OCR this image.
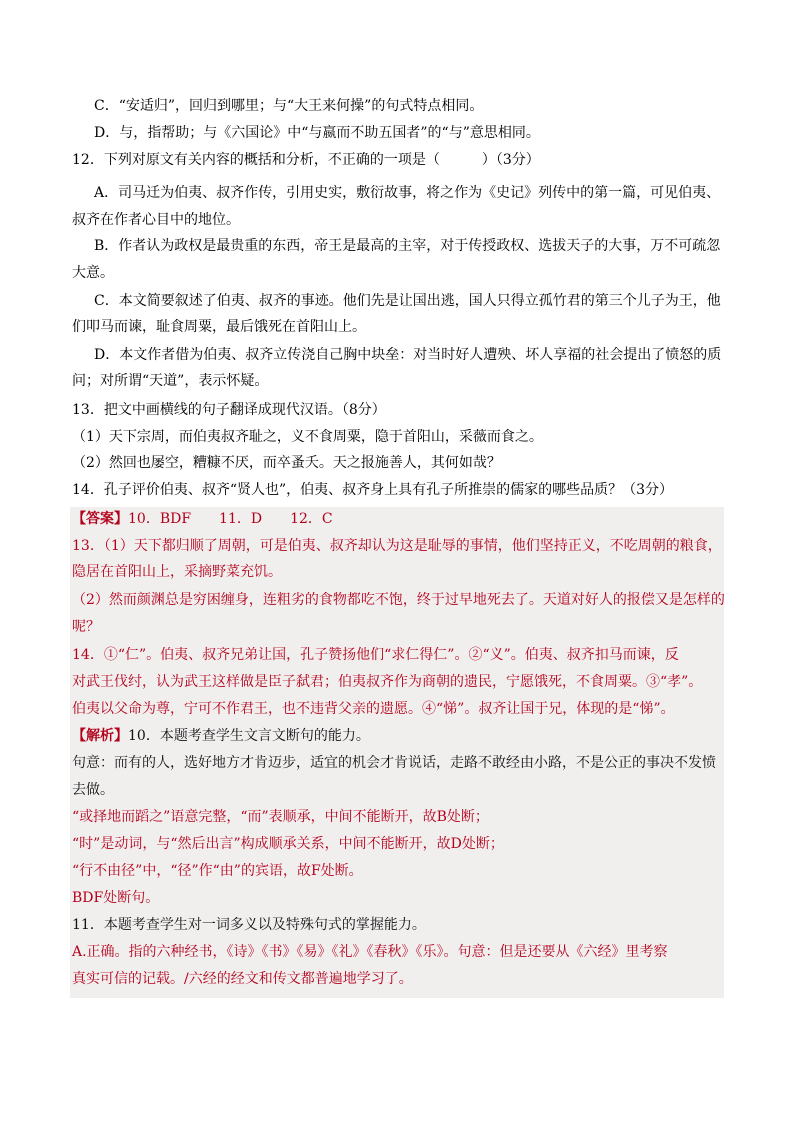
C．“安适归”，回归到哪里；与“大王来何操”的句式特点相同。
D．与，指帮助；与《六国论》中“与嬴而不助五国者”的“与”意思相同。
12．下列对原文有关内容的概括和分析，不正确的一项是（　　　）（3分）
A．司马迁为伯夷、叔齐作传，引用史实，敷衍故事，将之作为《史记》列传中的第一篇，可见伯夷、
叔齐在作者心目中的地位。
B．作者认为政权是最贵重的东西，帝王是最高的主宰，对于传授政权、选拔天子的大事，万不可疏忽
大意。
C．本文简要叙述了伯夷、叔齐的事迹。他们先是让国出逃，国人只得立孤竹君的第三个儿子为王，他
们叩马而谏，耻食周粟，最后饿死在首阳山上。
D．本文作者借为伯夷、叔齐立传浇自己胸中块垒：对当时好人遭殃、坏人享福的社会提出了愤怒的质
问；对所谓“天道”，表示怀疑。
13．把文中画横线的句子翻译成现代汉语。（8分）
（1）天下宗周，而伯夷叔齐耻之，义不食周粟，隐于首阳山，采薇而食之。
（2）然回也屡空，糟糠不厌，而卒蚤夭。天之报施善人，其何如哉？
14．孔子评价伯夷、叔齐“贤人也”，伯夷、叔齐身上具有孔子所推崇的儒家的哪些品质？（3分）
【答案】10．BDF　　11．D　　12．C
13．（1）天下都归顺了周朝，可是伯夷、叔齐却认为这是耻辱的事情，他们坚持正义，不吃周朝的粮食，
隐居在首阳山上，采摘野菜充饥。
（2）然而颜渊总是穷困缠身，连粗劣的食物都吃不饱，终于过早地死去了。天道对好人的报偿又是怎样的
呢？
14．①“仁”。伯夷、叔齐兄弟让国，孔子赞扬他们“求仁得仁”。②“义”。伯夷、叔齐扣马而谏，反
对武王伐纣，认为武王这样做是臣子弑君；伯夷叔齐作为商朝的遗民，宁愿饿死，不食周粟。③“孝”。
伯夷以父命为尊，宁可不作君王，也不违背父亲的遗愿。④“悌”。叔齐让国于兄，体现的是“悌”。
【解析】10．本题考查学生文言文断句的能力。
句意：而有的人，选好地方才肯迈步，适宜的机会才肯说话，走路不敢经由小路，不是公正的事决不发愤
去做。
“或择地而蹈之”语意完整，“而”表顺承，中间不能断开，故B处断；
“时”是动词，与“然后出言”构成顺承关系，中间不能断开，故D处断；
“行不由径”中，“径”作“由”的宾语，故F处断。
BDF处断句。
11．本题考查学生对一词多义以及特殊句式的掌握能力。
A.正确。指的六种经书，《诗》《书》《易》《礼》《春秋》《乐》。句意：但是还要从《六经》里考察
真实可信的记载。/六经的经文和传文都普遍地学习了。
